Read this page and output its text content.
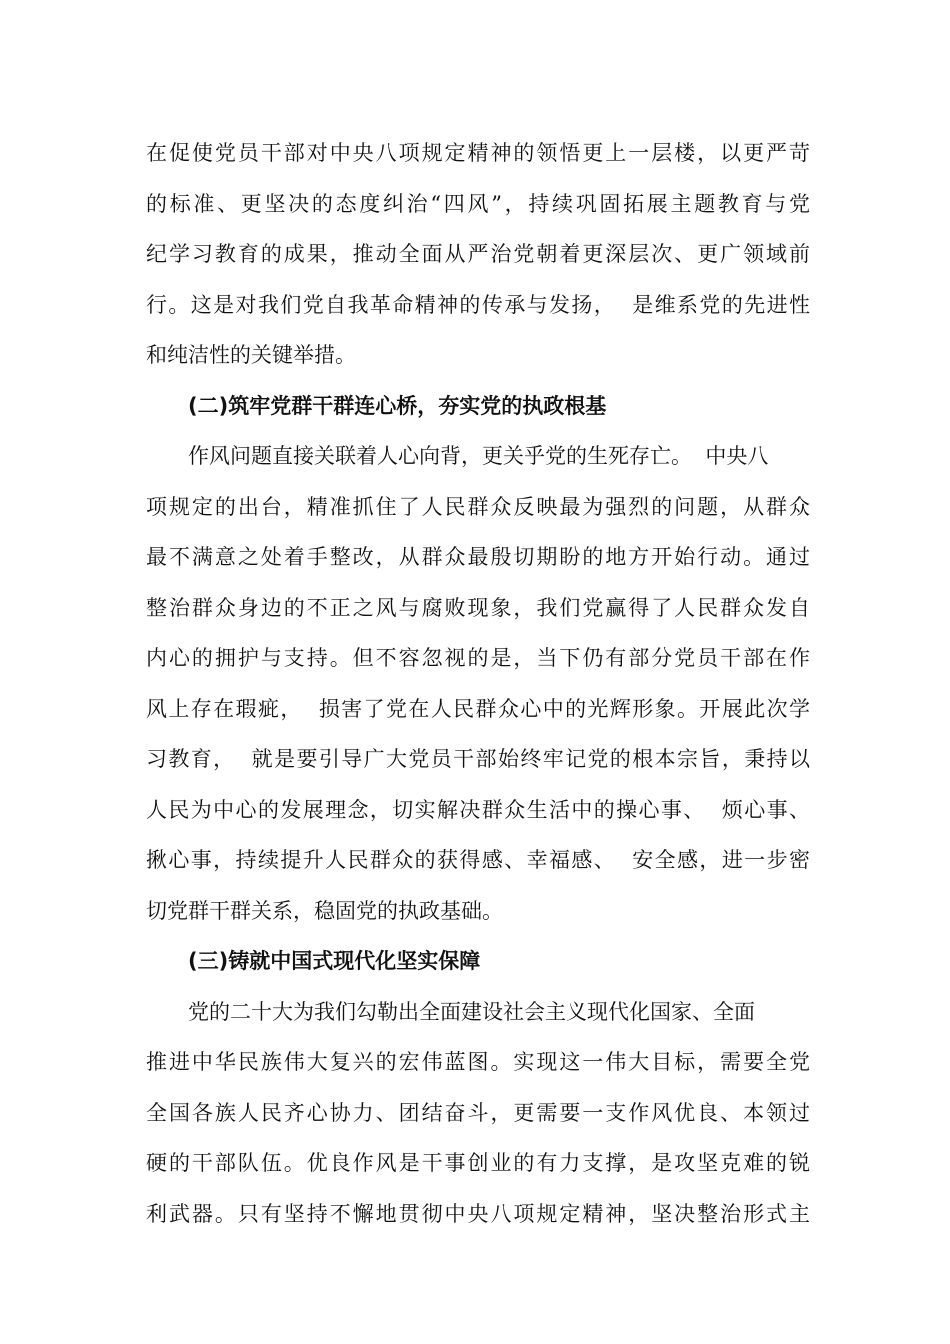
在促使党员干部对中央八项规定精神的领悟更上一层楼，以更严苛
的标准、更坚决的态度纠治“四风”，持续巩固拓展主题教育与党
纪学习教育的成果，推动全面从严治党朝着更深层次、更广领域前
行。这是对我们党自我革命精神的传承与发扬，  是维系党的先进性
和纯洁性的关键举措。
(二)筑牢党群干群连心桥，夯实党的执政根基
作风问题直接关联着人心向背，更关乎党的生死存亡。  中央八
项规定的出台，精准抓住了人民群众反映最为强烈的问题，从群众
最不满意之处着手整改，从群众最殷切期盼的地方开始行动。通过
整治群众身边的不正之风与腐败现象，我们党赢得了人民群众发自
内心的拥护与支持。但不容忽视的是，当下仍有部分党员干部在作
风上存在瑕疵，  损害了党在人民群众心中的光辉形象。开展此次学
习教育，  就是要引导广大党员干部始终牢记党的根本宗旨，秉持以
人民为中心的发展理念，切实解决群众生活中的操心事、  烦心事、
揪心事，持续提升人民群众的获得感、幸福感、  安全感，进一步密
切党群干群关系，稳固党的执政基础。
(三)铸就中国式现代化坚实保障
党的二十大为我们勾勒出全面建设社会主义现代化国家、全面
推进中华民族伟大复兴的宏伟蓝图。实现这一伟大目标，需要全党
全国各族人民齐心协力、团结奋斗，更需要一支作风优良、本领过
硬的干部队伍。优良作风是干事创业的有力支撑，是攻坚克难的锐
利武器。只有坚持不懈地贯彻中央八项规定精神，坚决整治形式主
